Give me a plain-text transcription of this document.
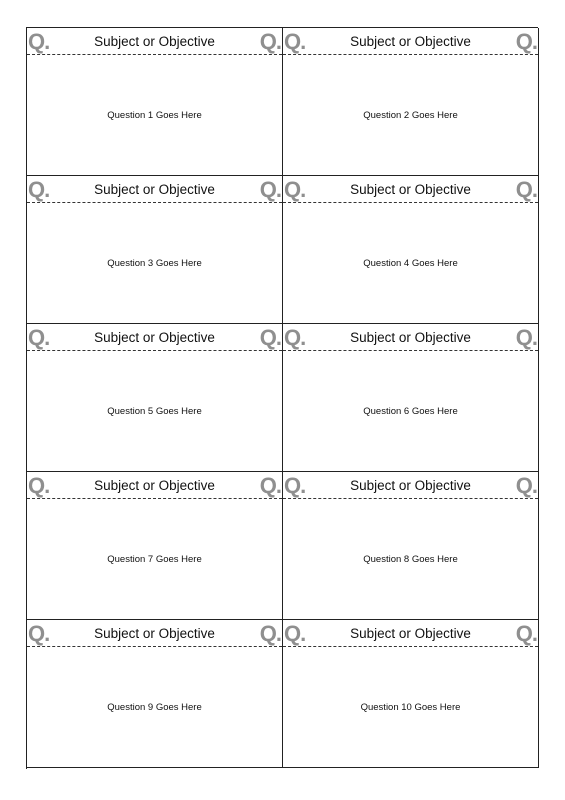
Q.	Subject or Objective	Q.
Question 1 Goes Here
Q.	Subject or Objective	Q.
Question 2 Goes Here
Q.	Subject or Objective	Q.
Question 3 Goes Here
Q.	Subject or Objective	Q.
Question 4 Goes Here
Q.	Subject or Objective	Q.
Question 5 Goes Here
Q.	Subject or Objective	Q.
Question 6 Goes Here
Q.	Subject or Objective	Q.
Question 7 Goes Here
Q.	Subject or Objective	Q.
Question 8 Goes Here
Q.	Subject or Objective	Q.
Question 9 Goes Here
Q.	Subject or Objective	Q.
Question 10 Goes Here
